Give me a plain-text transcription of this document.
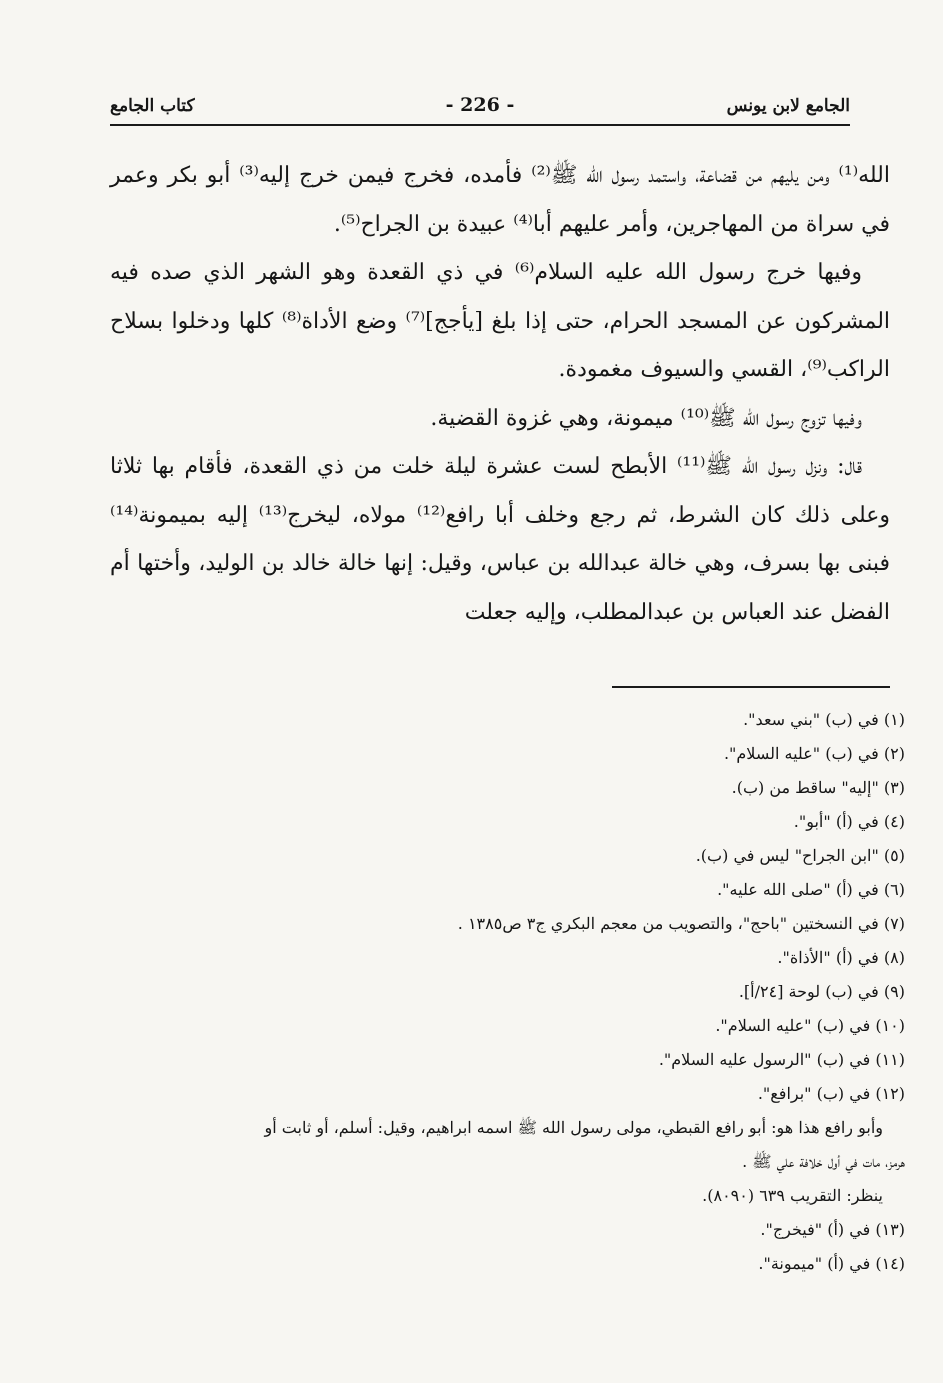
الجامع لابن يونس
- 226 -
كتاب الجامع

الله⁽¹⁾ ومن يليهم من قضاعة، واستمد رسول الله ﷺ⁽²⁾ فأمده، فخرج فيمن خرج إليه⁽³⁾ أبو بكر وعمر في سراة من المهاجرين، وأمر عليهم أبا⁽⁴⁾ عبيدة بن الجراح⁽⁵⁾.

وفيها خرج رسول الله عليه السلام⁽⁶⁾ في ذي القعدة وهو الشهر الذي صده فيه المشركون عن المسجد الحرام، حتى إذا بلغ [يأجج]⁽⁷⁾ وضع الأداة⁽⁸⁾ كلها ودخلوا بسلاح الراكب⁽⁹⁾، القسي والسيوف مغمودة.

وفيها تزوج رسول الله ﷺ⁽¹⁰⁾ ميمونة، وهي غزوة القضية.

قال: ونزل رسول الله ﷺ⁽¹¹⁾ الأبطح لست عشرة ليلة خلت من ذي القعدة، فأقام بها ثلاثا وعلى ذلك كان الشرط، ثم رجع وخلف أبا رافع⁽¹²⁾ مولاه، ليخرج⁽¹³⁾ إليه بميمونة⁽¹⁴⁾ فبنى بها بسرف، وهي خالة عبدالله بن عباس، وقيل: إنها خالة خالد بن الوليد، وأختها أم الفضل عند العباس بن عبدالمطلب، وإليه جعلت

(١) في (ب) "بني سعد".
(٢) في (ب) "عليه السلام".
(٣) "إليه" ساقط من (ب).
(٤) في (أ) "أبو".
(٥) "ابن الجراح" ليس في (ب).
(٦) في (أ) "صلى الله عليه".
(٧) في النسختين "باحج"، والتصويب من معجم البكري ج٣ ص١٣٨٥ .
(٨) في (أ) "الأذاة".
(٩) في (ب) لوحة [٢٤/أ].
(١٠) في (ب) "عليه السلام".
(١١) في (ب) "الرسول عليه السلام".
(١٢) في (ب) "برافع".
وأبو رافع هذا هو: أبو رافع القبطي، مولى رسول الله ﷺ اسمه ابراهيم، وقيل: أسلم، أو ثابت أو
هرمز، مات في أول خلافة علي ﷺ .
ينظر: التقريب ٦٣٩ (٨٠٩٠).
(١٣) في (أ) "فيخرج".
(١٤) في (أ) "ميمونة".
